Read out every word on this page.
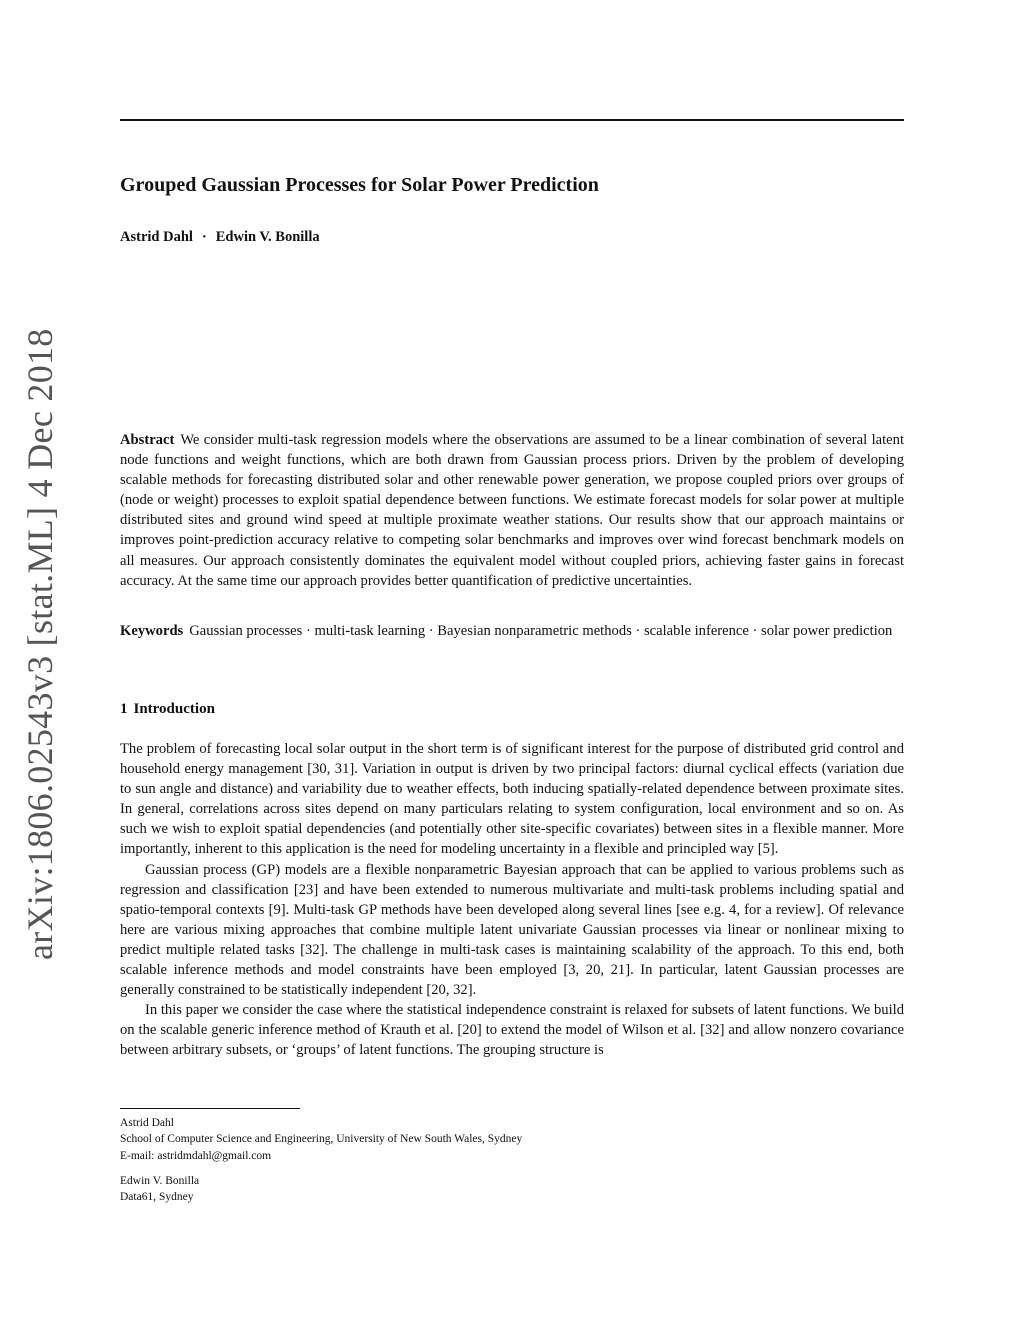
arXiv:1806.02543v3 [stat.ML] 4 Dec 2018
Grouped Gaussian Processes for Solar Power Prediction
Astrid Dahl · Edwin V. Bonilla

Abstract We consider multi-task regression models where the observations are assumed to be a linear combination of several latent node functions and weight functions, which are both drawn from Gaussian process priors. Driven by the problem of developing scalable methods for forecasting distributed solar and other renewable power generation, we propose coupled priors over groups of (node or weight) processes to exploit spatial dependence between functions. We estimate forecast models for solar power at multiple distributed sites and ground wind speed at multiple proximate weather stations. Our results show that our approach maintains or improves point-prediction accuracy relative to competing solar benchmarks and improves over wind forecast benchmark models on all measures. Our approach consistently dominates the equivalent model without coupled priors, achieving faster gains in forecast accuracy. At the same time our approach provides better quantification of predictive uncertainties.

Keywords Gaussian processes · multi-task learning · Bayesian nonparametric methods · scalable inference · solar power prediction

1 Introduction

The problem of forecasting local solar output in the short term is of significant interest for the purpose of distributed grid control and household energy management [30, 31]. Variation in output is driven by two principal factors: diurnal cyclical effects (variation due to sun angle and distance) and variability due to weather effects, both inducing spatially-related dependence between proximate sites. In general, correlations across sites depend on many particulars relating to system configuration, local environment and so on. As such we wish to exploit spatial dependencies (and potentially other site-specific covariates) between sites in a flexible manner. More importantly, inherent to this application is the need for modeling uncertainty in a flexible and principled way [5].

Gaussian process (GP) models are a flexible nonparametric Bayesian approach that can be applied to various problems such as regression and classification [23] and have been extended to numerous multivariate and multi-task problems including spatial and spatio-temporal contexts [9]. Multi-task GP methods have been developed along several lines [see e.g. 4, for a review]. Of relevance here are various mixing approaches that combine multiple latent univariate Gaussian processes via linear or nonlinear mixing to predict multiple related tasks [32]. The challenge in multi-task cases is maintaining scalability of the approach. To this end, both scalable inference methods and model constraints have been employed [3, 20, 21]. In particular, latent Gaussian processes are generally constrained to be statistically independent [20, 32].

In this paper we consider the case where the statistical independence constraint is relaxed for subsets of latent functions. We build on the scalable generic inference method of Krauth et al. [20] to extend the model of Wilson et al. [32] and allow nonzero covariance between arbitrary subsets, or ‘groups’ of latent functions. The grouping structure is

Astrid Dahl
School of Computer Science and Engineering, University of New South Wales, Sydney
E-mail: astridmdahl@gmail.com
Edwin V. Bonilla
Data61, Sydney
